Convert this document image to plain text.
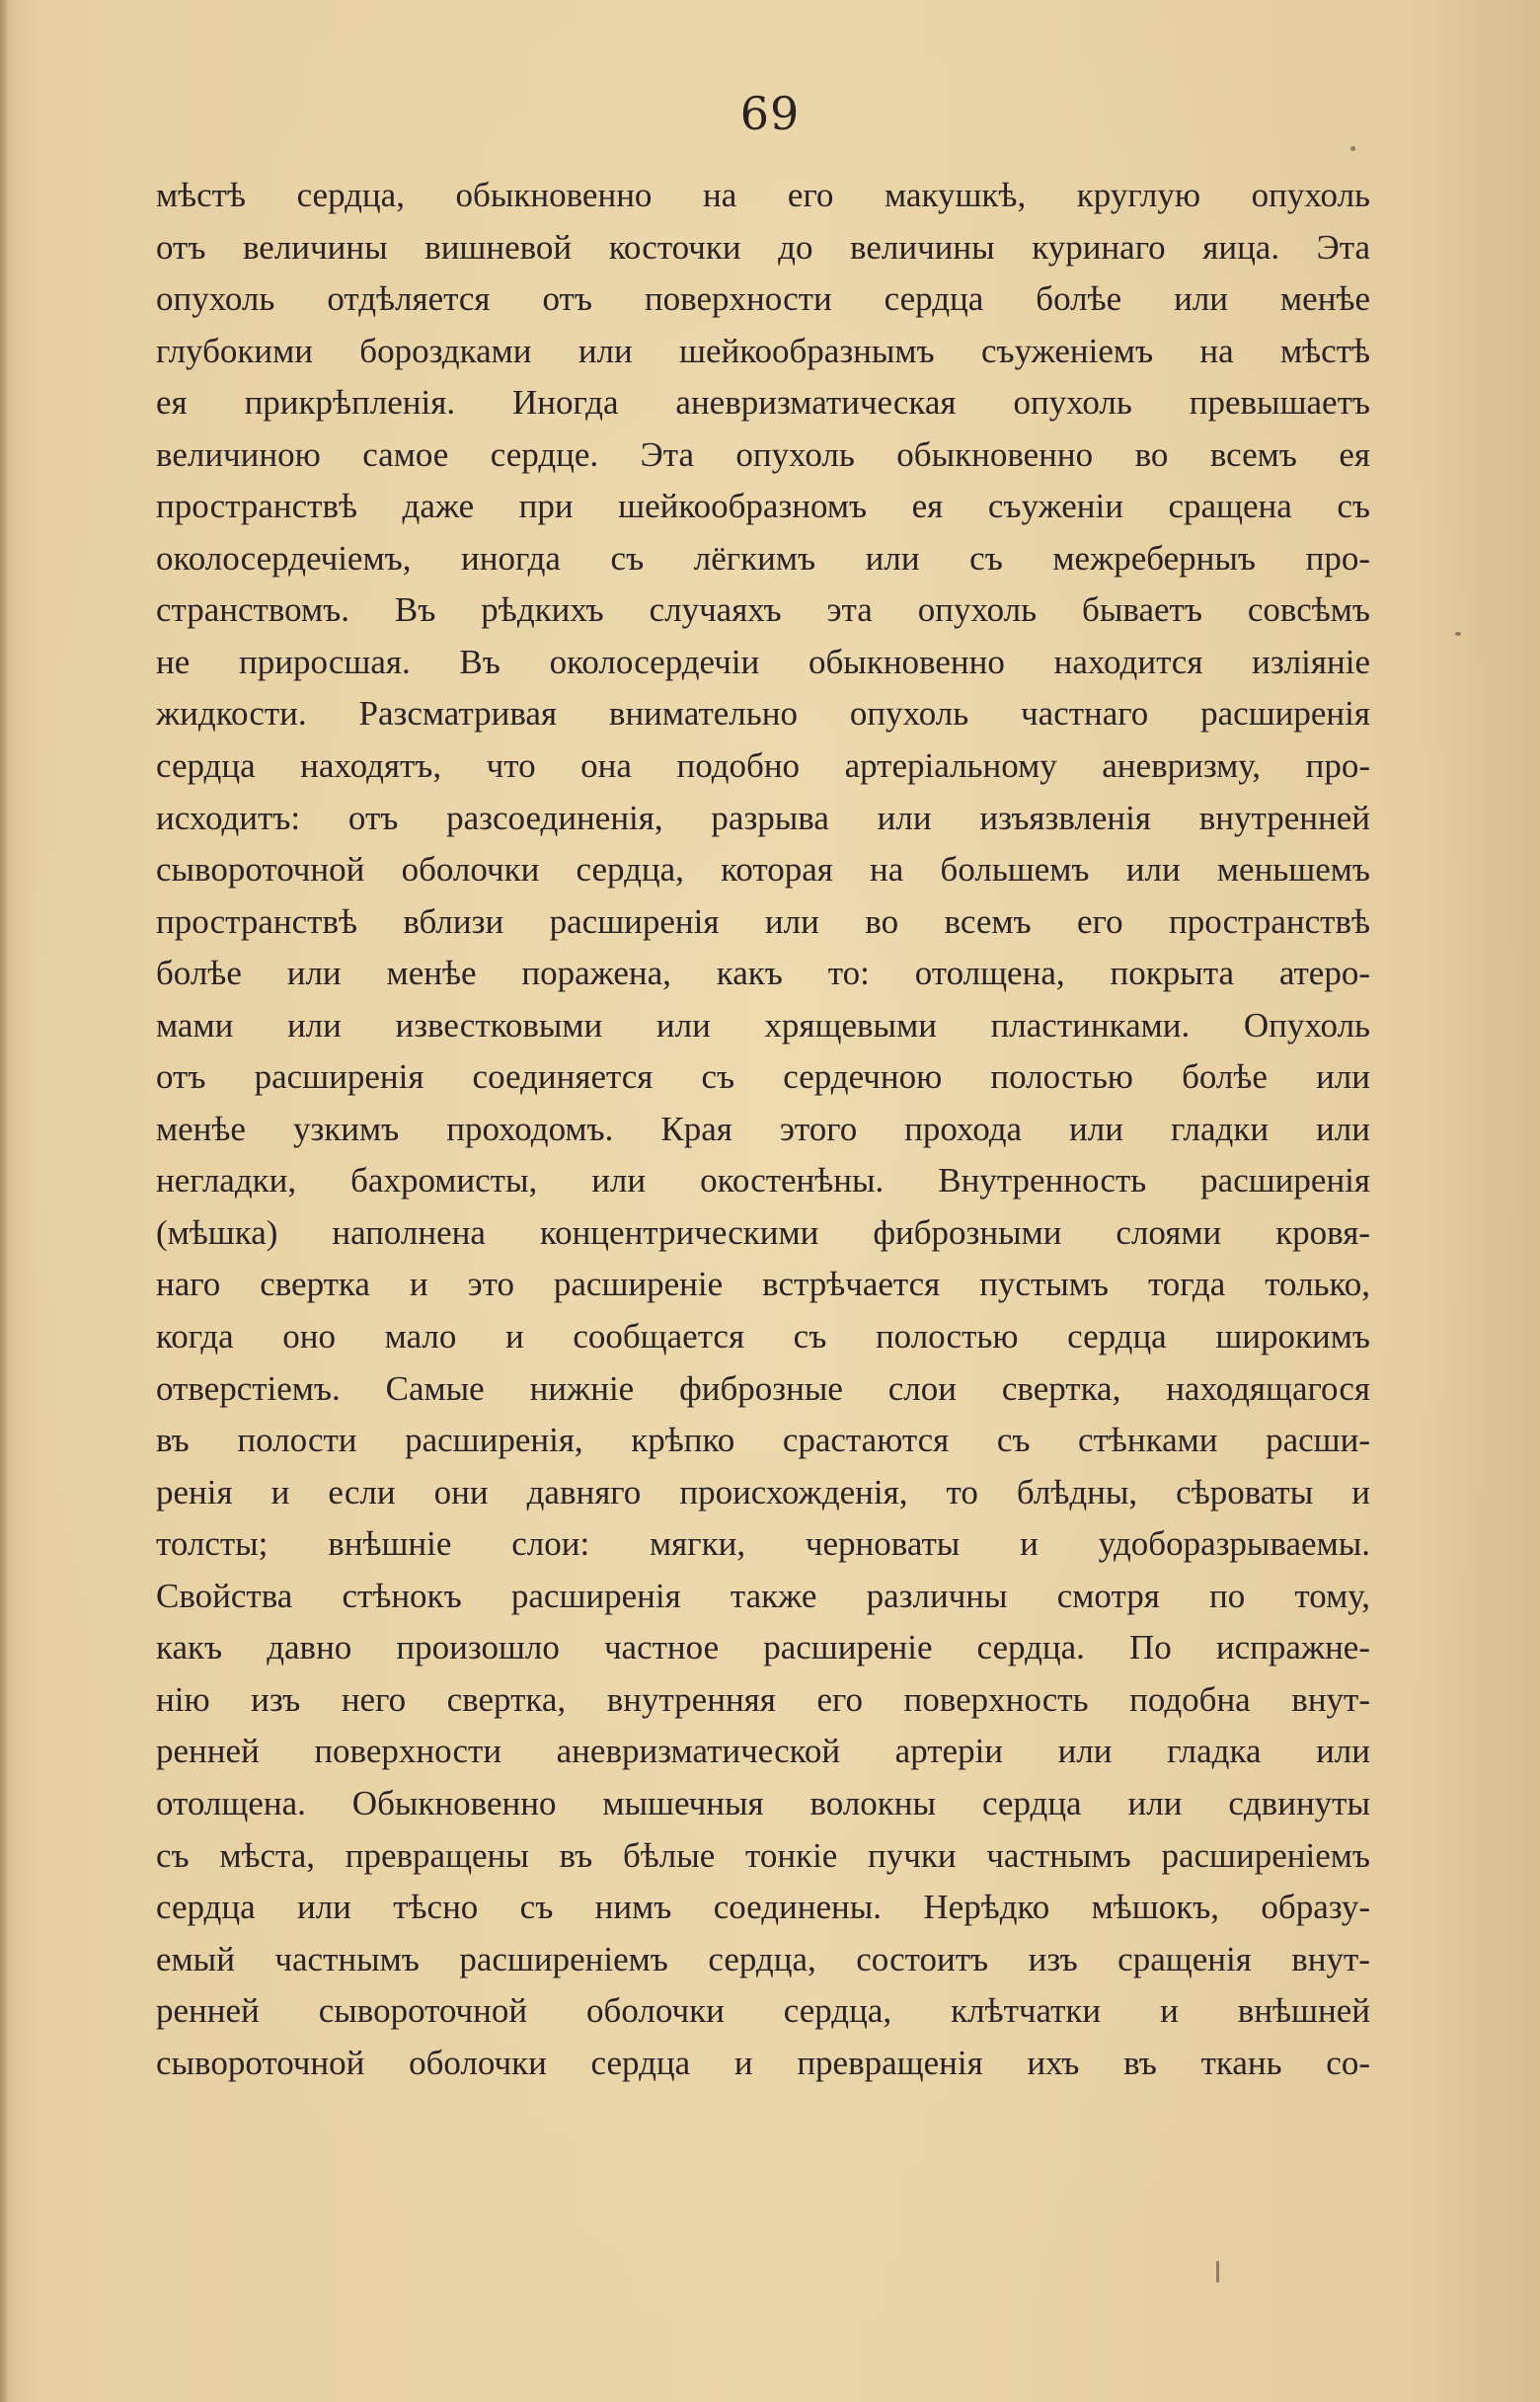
69
мѣстѣ сердца, обыкновенно на его макушкѣ, круглую опухоль
отъ величины вишневой косточки до величины куринаго яица. Эта
опухоль отдѣляется отъ поверхности сердца болѣе или менѣе
глубокими бороздками или шейкообразнымъ съуженіемъ на мѣстѣ
ея прикрѣпленія. Иногда аневризматическая опухоль превышаетъ
величиною самое сердце. Эта опухоль обыкновенно во всемъ ея
пространствѣ даже при шейкообразномъ ея съуженіи сращена съ
околосердечіемъ, иногда съ лёгкимъ или съ межреберныъ про-
странствомъ. Въ рѣдкихъ случаяхъ эта опухоль бываетъ совсѣмъ
не приросшая. Въ околосердечіи обыкновенно находится изліяніе
жидкости. Разсматривая внимательно опухоль частнаго расширенія
сердца находятъ, что она подобно артеріальному аневризму, про-
исходитъ: отъ разсоединенія, разрыва или изъязвленія внутренней
сывороточной оболочки сердца, которая на большемъ или меньшемъ
пространствѣ вблизи расширенія или во всемъ его пространствѣ
болѣе или менѣе поражена, какъ то: отолщена, покрыта атеро-
мами или известковыми или хрящевыми пластинками. Опухоль
отъ расширенія соединяется съ сердечною полостью болѣе или
менѣе узкимъ проходомъ. Края этого прохода или гладки или
негладки, бахромисты, или окостенѣны. Внутренность расширенія
(мѣшка) наполнена концентрическими фиброзными слоями кровя-
наго свертка и это расширеніе встрѣчается пустымъ тогда только,
когда оно мало и сообщается съ полостью сердца широкимъ
отверстіемъ. Самые нижніе фиброзные слои свертка, находящагося
въ полости расширенія, крѣпко срастаются съ стѣнками расши-
ренія и если они давняго происхожденія, то блѣдны, сѣроваты и
толсты; внѣшніе слои: мягки, черноваты и удоборазрываемы.
Свойства стѣнокъ расширенія также различны смотря по тому,
какъ давно произошло частное расширеніе сердца. По испражне-
нію изъ него свертка, внутренняя его поверхность подобна внут-
ренней поверхности аневризматической артеріи или гладка или
отолщена. Обыкновенно мышечныя волокны сердца или сдвинуты
съ мѣста, превращены въ бѣлые тонкіе пучки частнымъ расширеніемъ
сердца или тѣсно съ нимъ соединены. Нерѣдко мѣшокъ, образу-
емый частнымъ расширеніемъ сердца, состоитъ изъ сращенія внут-
ренней сывороточной оболочки сердца, клѣтчатки и внѣшней
сывороточной оболочки сердца и превращенія ихъ въ ткань со-
